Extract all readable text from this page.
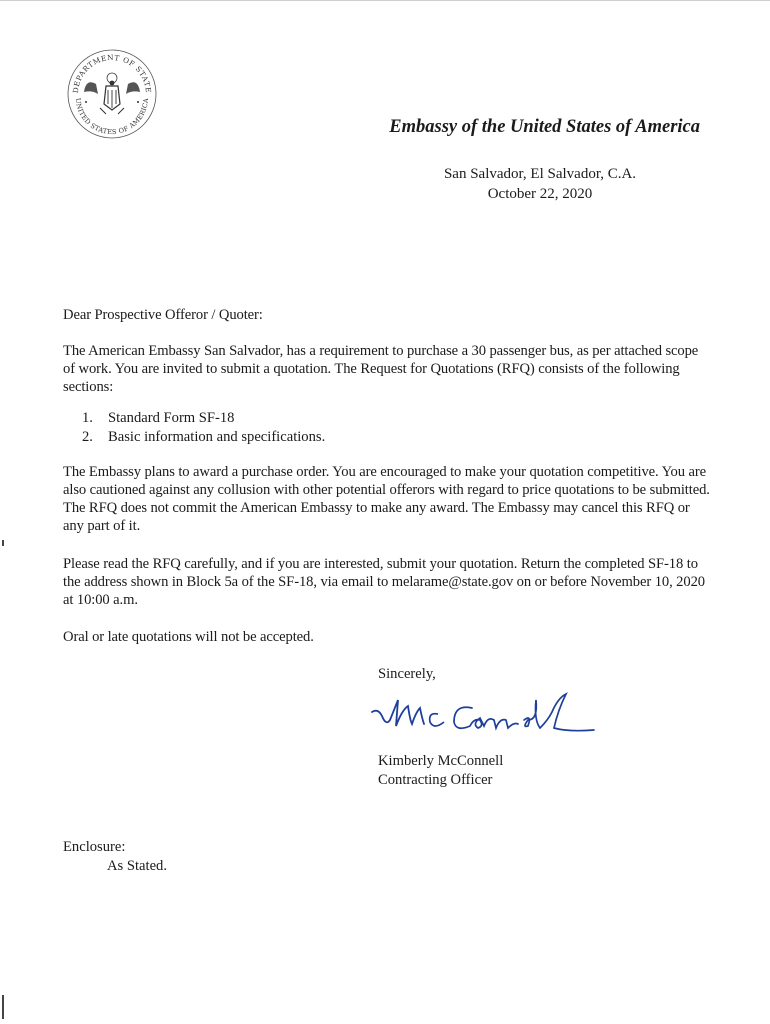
DEPARTMENT OF STATE
UNITED STATES OF AMERICA
Embassy of the United States of America
San Salvador, El Salvador, C.A.
October 22, 2020

Dear Prospective Offeror / Quoter:

The American Embassy San Salvador, has a requirement to purchase a 30 passenger bus, as per attached scope of work. You are invited to submit a quotation. The Request for Quotations (RFQ) consists of the following sections:

1.	Standard Form SF-18
2.	Basic information and specifications.

The Embassy plans to award a purchase order. You are encouraged to make your quotation competitive. You are also cautioned against any collusion with other potential offerors with regard to price quotations to be submitted. The RFQ does not commit the American Embassy to make any award. The Embassy may cancel this RFQ or any part of it.

Please read the RFQ carefully, and if you are interested, submit your quotation. Return the completed SF-18 to the address shown in Block 5a of the SF-18, via email to melarame@state.gov on or before November 10, 2020 at 10:00 a.m.

Oral or late quotations will not be accepted.

Sincerely,
Kimberly McConnell
Contracting Officer
Enclosure:
As Stated.
